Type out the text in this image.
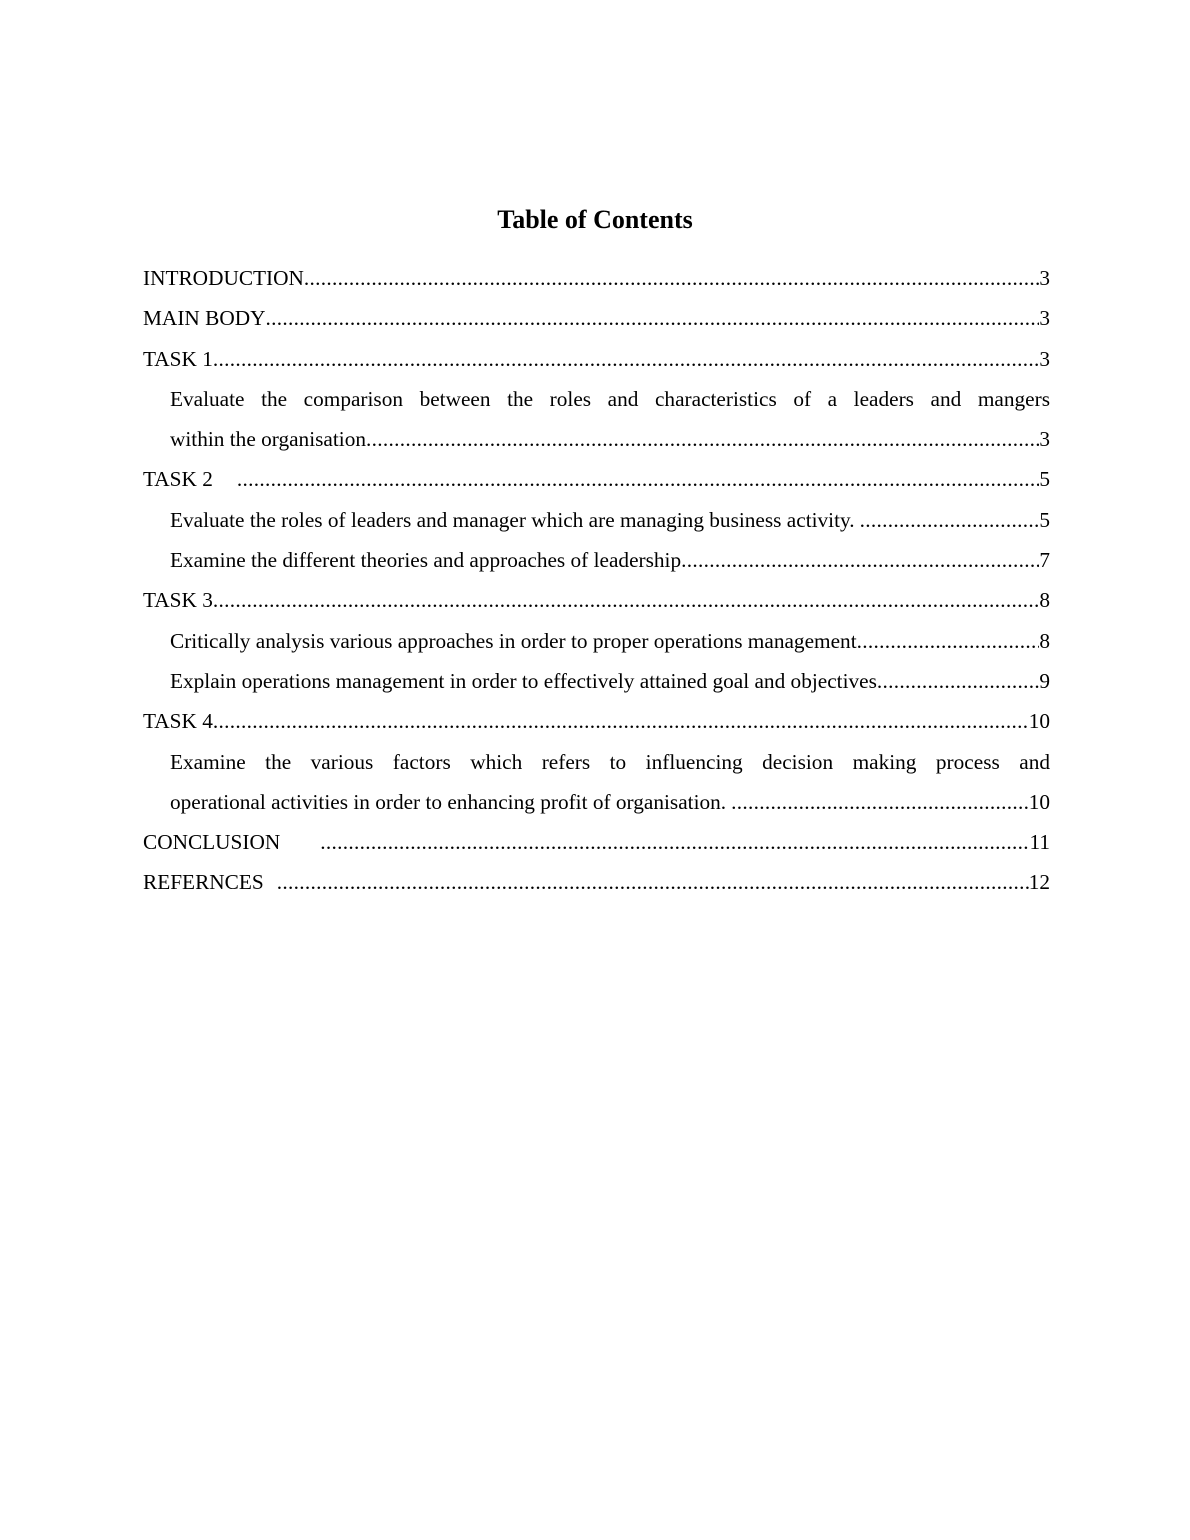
Table of Contents
INTRODUCTION .....	3
MAIN BODY .....	3
TASK 1 .....	3
Evaluate the comparison between the roles and characteristics of a leaders and mangers
within the organisation .....	3
TASK 2 .....	5
Evaluate the roles of leaders and manager which are managing business activity. .....	5
Examine the different theories and approaches of leadership .....	7
TASK 3 .....	8
Critically analysis various approaches in order to proper operations management .....	8
Explain operations management in order to effectively attained goal and objectives .....	9
TASK 4 .....	10
Examine the various factors which refers to influencing decision making process and
operational activities in order to enhancing profit of organisation. .....	10
CONCLUSION .....	11
REFERNCES .....	12
